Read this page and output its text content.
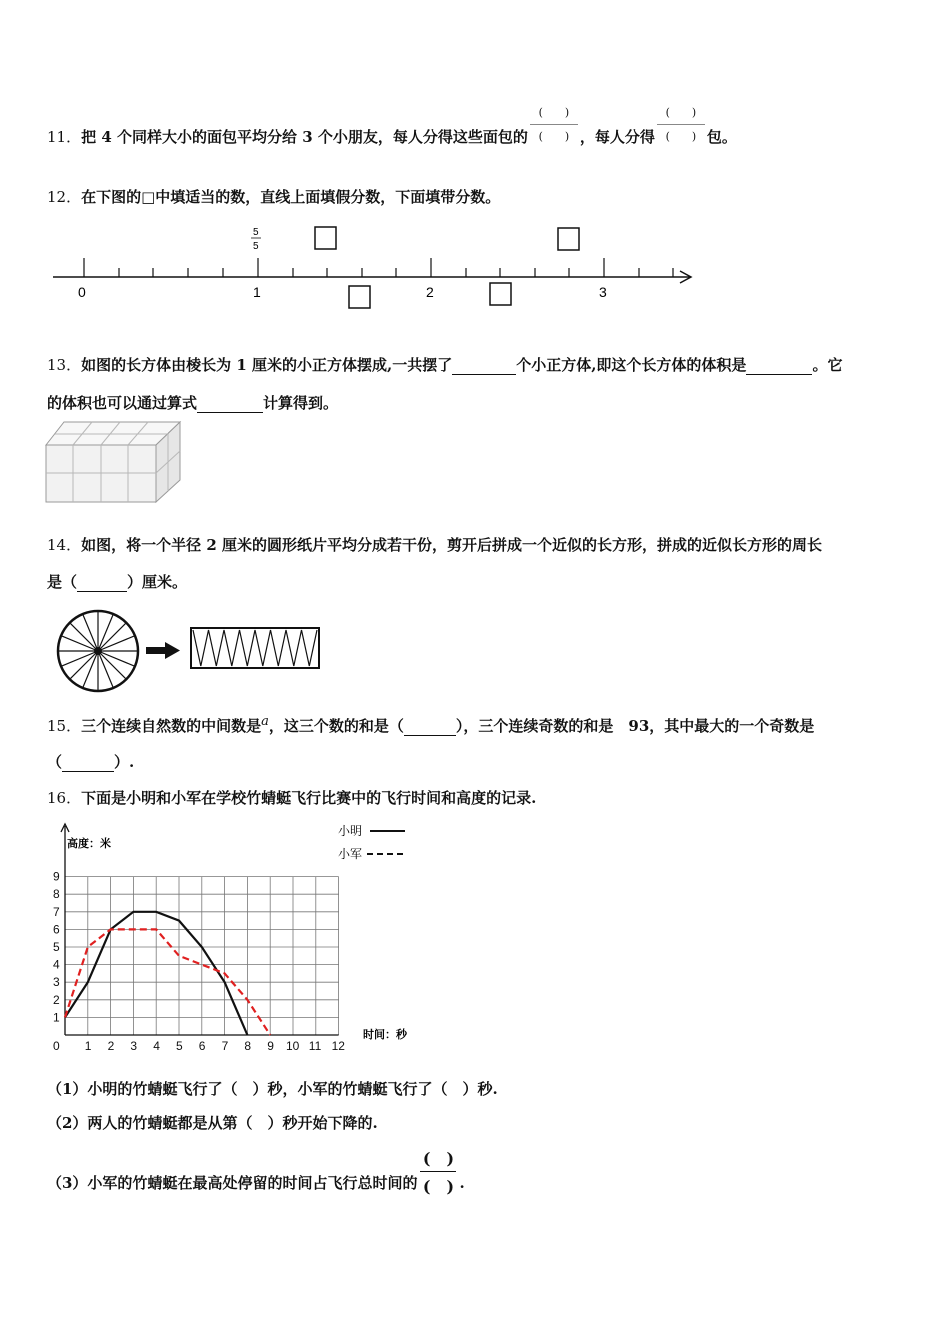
11．把 4 个同样大小的面包平均分给 3 个小朋友，每人分得这些面包的 $\frac{( )}{( )}$ ，每人分得 $\frac{( )}{( )}$ 包。
12．在下图的□中填适当的数，直线上面填假分数，下面填带分数。
0	1	2	3
5
5
13．如图的长方体由棱长为 1 厘米的小正方体摆成,一共摆了	个小正方体,即这个长方体的体积是	。它
的体积也可以通过算式	计算得到。
14．如图，将一个半径 2 厘米的圆形纸片平均分成若干份，剪开后拼成一个近似的长方形，拼成的近似长方形的周长
是（	）厘米。
15．三个连续自然数的中间数是$^a$，这三个数的和是（	），三个连续奇数的和是　93，其中最大的一个奇数是
（	）.
16．下面是小明和小军在学校竹蜻蜓飞行比赛中的飞行时间和高度的记录.
0 1 2 3 4 5 6 7 8 9 10 11 12
1
2
3
4
5
6
7
8
9
高度：米
时间：秒
小明
小军
（1）小明的竹蜻蜓飞行了（　）秒，小军的竹蜻蜓飞行了（　）秒.
（2）两人的竹蜻蜓都是从第（　）秒开始下降的.
（3）小军的竹蜻蜓在最高处停留的时间占飞行总时间的
(　)
(　) .
